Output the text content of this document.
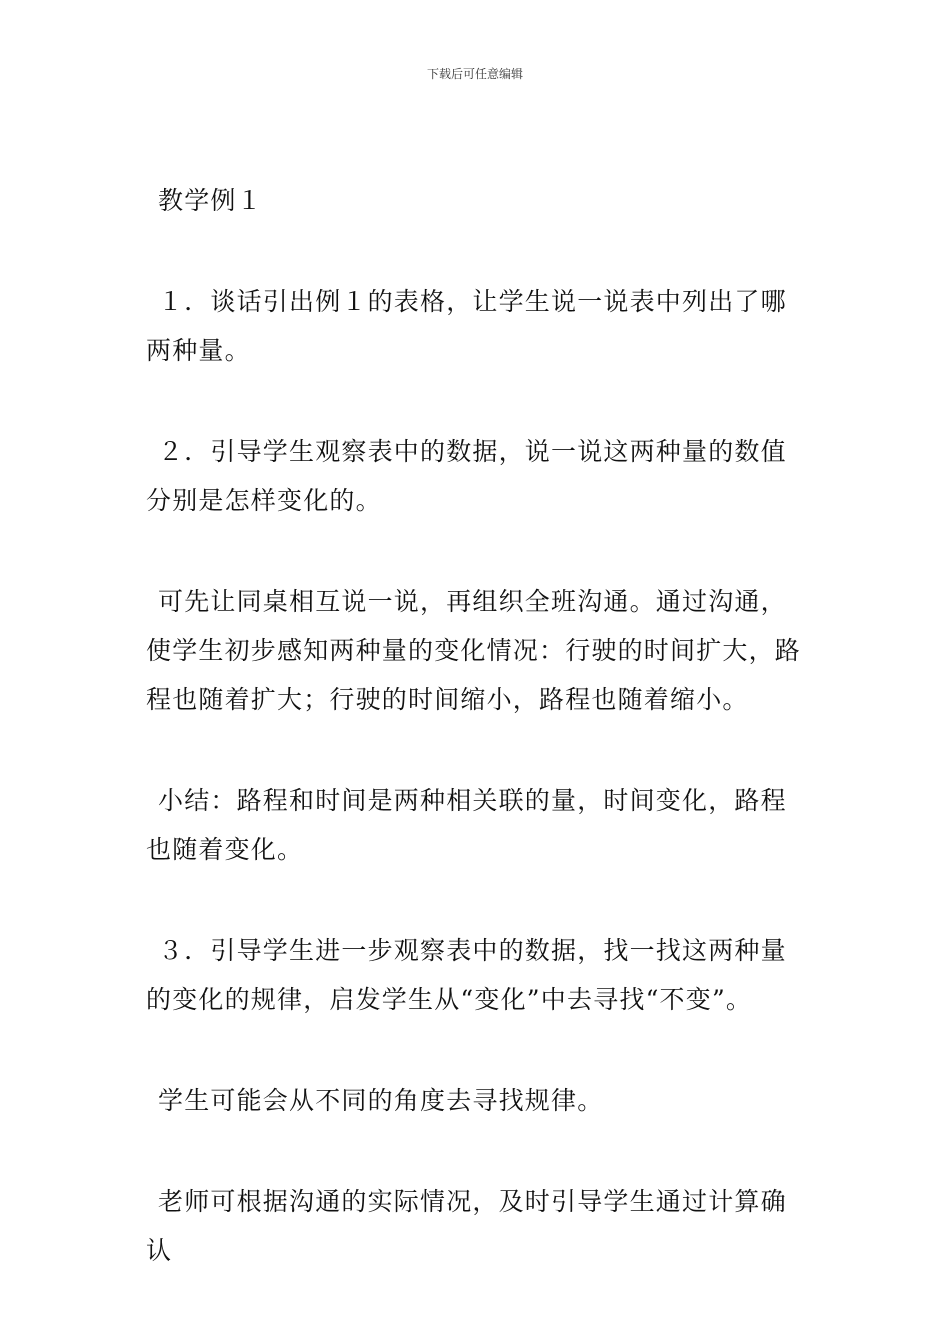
下载后可任意编辑

教学例１

１．谈话引出例１的表格，让学生说一说表中列出了哪两种量。

２．引导学生观察表中的数据，说一说这两种量的数值分别是怎样变化的。

可先让同桌相互说一说，再组织全班沟通。通过沟通，使学生初步感知两种量的变化情况：行驶的时间扩大，路程也随着扩大；行驶的时间缩小，路程也随着缩小。

小结：路程和时间是两种相关联的量，时间变化，路程也随着变化。

３．引导学生进一步观察表中的数据，找一找这两种量的变化的规律，启发学生从“变化”中去寻找“不变”。

学生可能会从不同的角度去寻找规律。

老师可根据沟通的实际情况，及时引导学生通过计算确认
